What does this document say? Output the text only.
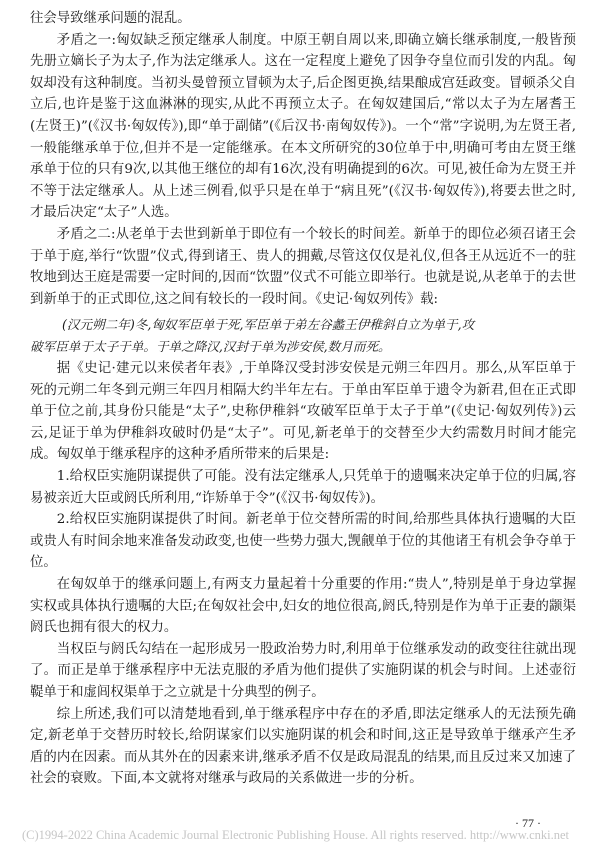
往会导致继承问题的混乱。

矛盾之一:匈奴缺乏预定继承人制度。中原王朝自周以来,即确立嫡长继承制度,一般皆预先册立嫡长子为太子,作为法定继承人。这在一定程度上避免了因争夺皇位而引发的内乱。匈奴却没有这种制度。当初头曼曾预立冒顿为太子,后企图更换,结果酿成宫廷政变。冒顿杀父自立后,也许是鉴于这血淋淋的现实,从此不再预立太子。在匈奴建国后,“常以太子为左屠耆王(左贤王)”(《汉书·匈奴传》),即“单于副储”(《后汉书·南匈奴传》)。一个“常”字说明,为左贤王者,一般能继承单于位,但并不是一定能继承。在本文所研究的30位单于中,明确可考由左贤王继承单于位的只有9次,以其他王继位的却有16次,没有明确提到的6次。可见,被任命为左贤王并不等于法定继承人。从上述三例看,似乎只是在单于“病且死”(《汉书·匈奴传》),将要去世之时,才最后决定“太子”人选。

矛盾之二:从老单于去世到新单于即位有一个较长的时间差。新单于的即位必须召诸王会于单于庭,举行“饮盟”仪式,得到诸王、贵人的拥戴,尽管这仅仅是礼仪,但各王从远近不一的驻牧地到达王庭是需要一定时间的,因而“饮盟”仪式不可能立即举行。也就是说,从老单于的去世到新单于的正式即位,这之间有较长的一段时间。《史记·匈奴列传》载:

(汉元朔二年)冬,匈奴军臣单于死,军臣单于弟左谷蠡王伊稚斜自立为单于,攻
破军臣单于太子于单。于单之降汉,汉封于单为涉安侯,数月而死。

据《史记·建元以来侯者年表》,于单降汉受封涉安侯是元朔三年四月。那么,从军臣单于死的元朔二年冬到元朔三年四月相隔大约半年左右。于单由军臣单于遗令为新君,但在正式即单于位之前,其身份只能是“太子”,史称伊稚斜“攻破军臣单于太子于单”(《史记·匈奴列传》)云云,足证于单为伊稚斜攻破时仍是“太子”。可见,新老单于的交替至少大约需数月时间才能完成。匈奴单于继承程序的这种矛盾所带来的后果是:

1.给权臣实施阴谋提供了可能。没有法定继承人,只凭单于的遗嘱来决定单于位的归属,容易被亲近大臣或阏氏所利用,“诈矫单于令”(《汉书·匈奴传》)。

2.给权臣实施阴谋提供了时间。新老单于位交替所需的时间,给那些具体执行遗嘱的大臣或贵人有时间余地来准备发动政变,也使一些势力强大,觊觎单于位的其他诸王有机会争夺单于位。

在匈奴单于的继承问题上,有两支力量起着十分重要的作用:“贵人”,特别是单于身边掌握实权或具体执行遗嘱的大臣;在匈奴社会中,妇女的地位很高,阏氏,特别是作为单于正妻的颛渠阏氏也拥有很大的权力。

当权臣与阏氏勾结在一起形成另一股政治势力时,利用单于位继承发动的政变往往就出现了。而正是单于继承程序中无法克服的矛盾为他们提供了实施阴谋的机会与时间。上述壶衍鞮单于和虚闾权渠单于之立就是十分典型的例子。

综上所述,我们可以清楚地看到,单于继承程序中存在的矛盾,即法定继承人的无法预先确定,新老单于交替历时较长,给阴谋家们以实施阴谋的机会和时间,这正是导致单于继承产生矛盾的内在因素。而从其外在的因素来讲,继承矛盾不仅是政局混乱的结果,而且反过来又加速了社会的衰败。下面,本文就将对继承与政局的关系做进一步的分析。

· 77 ·
(C)1994-2022 China Academic Journal Electronic Publishing House. All rights reserved. http://www.cnki.net
